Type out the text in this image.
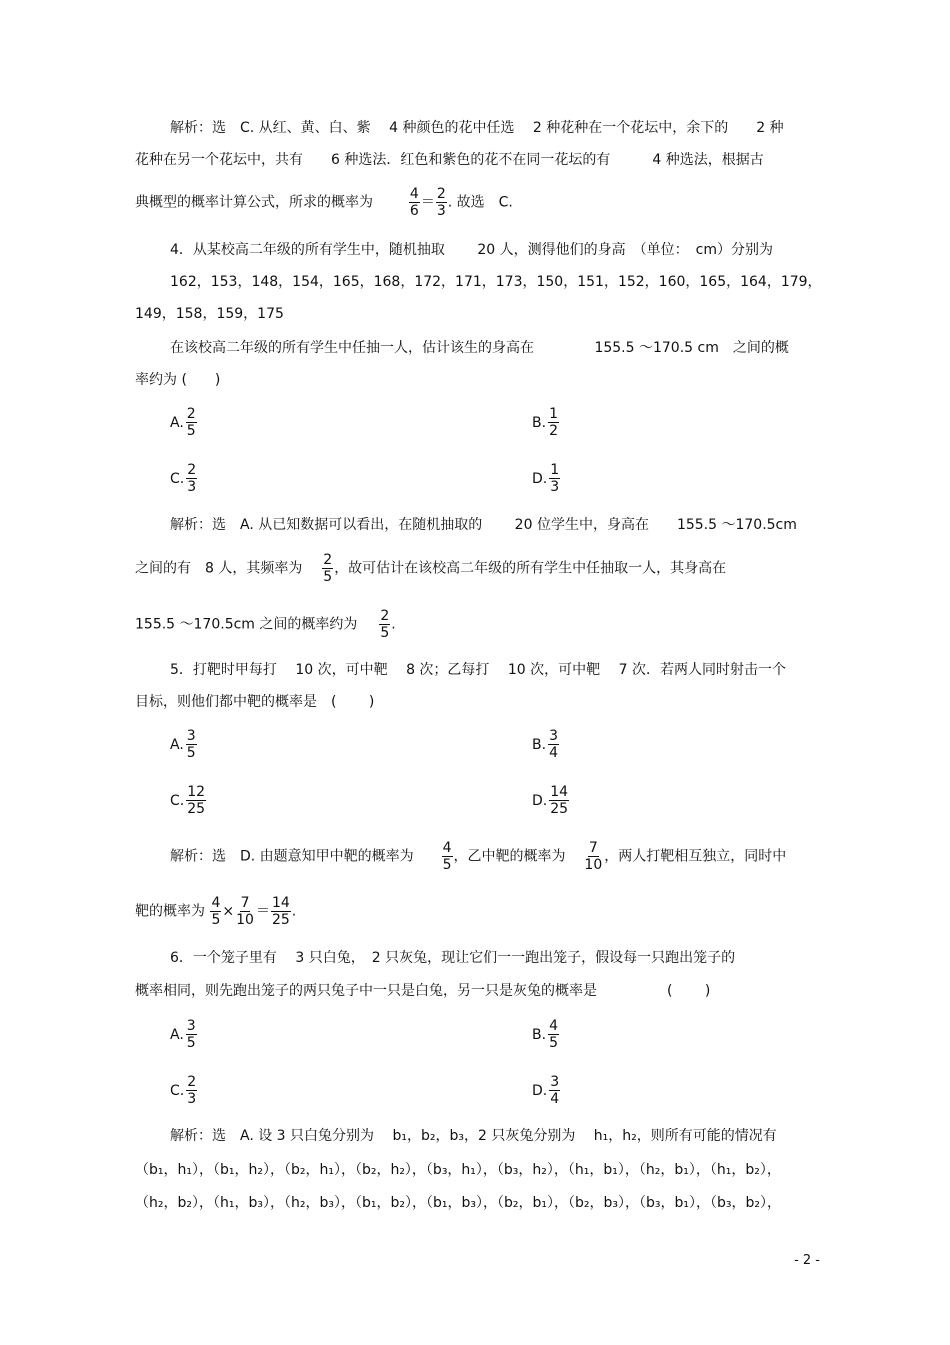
解析：选　C. 从红、黄、白、紫　 4 种颜色的花中任选　 2 种花种在一个花坛中，余下的　　2 种
花种在另一个花坛中，共有　　6 种选法．红色和紫色的花不在同一花坛的有　　　4 种选法，根据古
典概型的概率计算公式，所求的概率为	$\frac{4}{6} = \frac{2}{3}$ . 故选　C.
4．从某校高二年级的所有学生中，随机抽取　　 20 人，测得他们的身高　（单位：　cm）分别为
162，153，148，154，165，168，172，171，173，150，151，152，160，165，164，179，
149，158，159，175
在该校高二年级的所有学生中任抽一人，估计该生的身高在　　　　 155.5 ～170.5 cm　之间的概
率约为 (　　)
A. $\frac{2}{5}$	B. $\frac{1}{2}$
C. $\frac{2}{3}$	D. $\frac{1}{3}$
解析：选　A. 从已知数据可以看出，在随机抽取的　　 20 位学生中，身高在　　155.5 ～170.5cm
之间的有　8 人，其频率为 $\frac{2}{5}$ ，故可估计在该校高二年级的所有学生中任抽取一人，其身高在
155.5 ～170.5cm 之间的概率约为 $\frac{2}{5}$ .
5．打靶时甲每打　 10 次，可中靶　 8 次；乙每打　 10 次，可中靶　 7 次．若两人同时射击一个
目标，则他们都中靶的概率是　(　　 )
A. $\frac{3}{5}$	B. $\frac{3}{4}$
C. $\frac{12}{25}$	D. $\frac{14}{25}$
解析：选　D. 由题意知甲中靶的概率为 $\frac{4}{5}$ ，乙中靶的概率为 $\frac{7}{10}$ ，两人打靶相互独立，同时中
靶的概率为 $\frac{4}{5} \times \frac{7}{10} = \frac{14}{25}$ .
6．一个笼子里有　 3 只白兔，　2 只灰兔，现让它们一一跑出笼子，假设每一只跑出笼子的
概率相同，则先跑出笼子的两只兔子中一只是白兔，另一只是灰兔的概率是　　　　　(　　 )
A. $\frac{3}{5}$	B. $\frac{4}{5}$
C. $\frac{2}{3}$	D. $\frac{3}{4}$
解析：选　A. 设 3 只白兔分别为　 b₁，b₂，b₃，2 只灰兔分别为　 h₁，h₂，则所有可能的情况有
（b₁，h₁），（b₁，h₂），（b₂，h₁），（b₂，h₂），（b₃，h₁），（b₃，h₂），（h₁，b₁），（h₂，b₁），（h₁，b₂），
（h₂，b₂），（h₁，b₃），（h₂，b₃），（b₁，b₂），（b₁，b₃），（b₂，b₁），（b₂，b₃），（b₃，b₁），（b₃，b₂），
- 2 -
